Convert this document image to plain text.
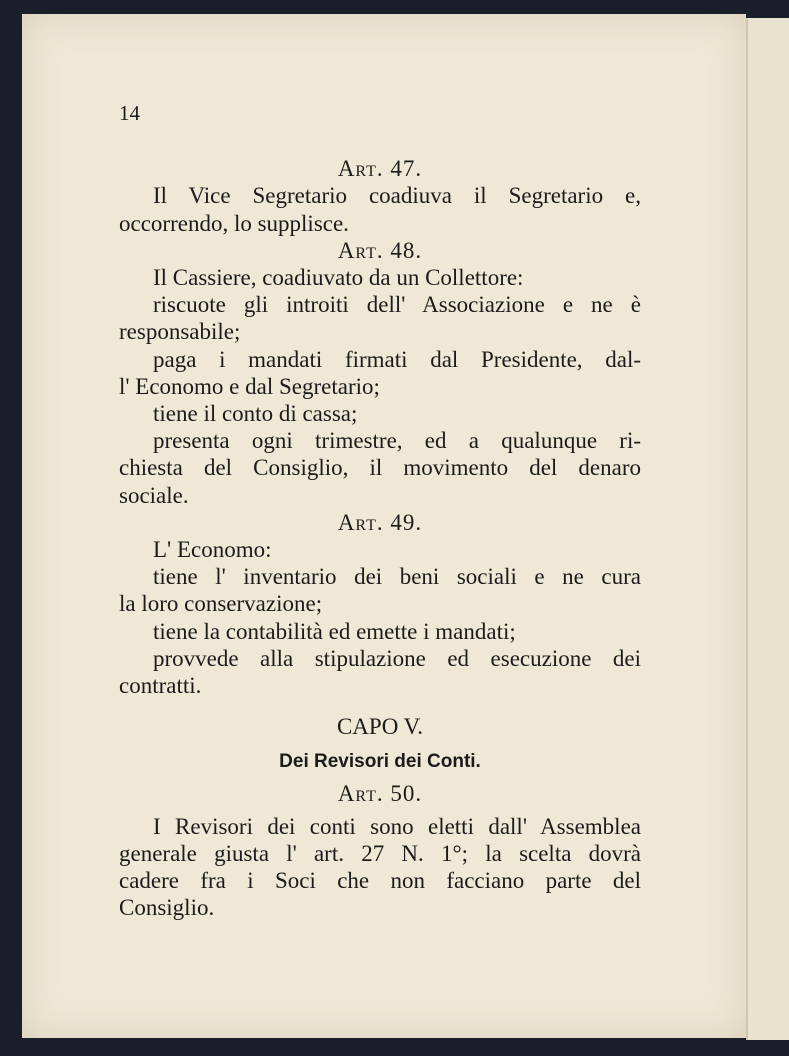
14
Art. 47.
Il Vice Segretario coadiuva il Segretario e,
occorrendo, lo supplisce.
Art. 48.
Il Cassiere, coadiuvato da un Collettore:
riscuote gli introiti dell' Associazione e ne è
responsabile;
paga i mandati firmati dal Presidente, dal-
l' Economo e dal Segretario;
tiene il conto di cassa;
presenta ogni trimestre, ed a qualunque ri-
chiesta del Consiglio, il movimento del denaro
sociale.
Art. 49.
L' Economo:
tiene l' inventario dei beni sociali e ne cura
la loro conservazione;
tiene la contabilità ed emette i mandati;
provvede alla stipulazione ed esecuzione dei
contratti.
CAPO V.
Dei Revisori dei Conti.
Art. 50.
I Revisori dei conti sono eletti dall' Assemblea
generale giusta l' art. 27 N. 1°; la scelta dovrà
cadere fra i Soci che non facciano parte del
Consiglio.
